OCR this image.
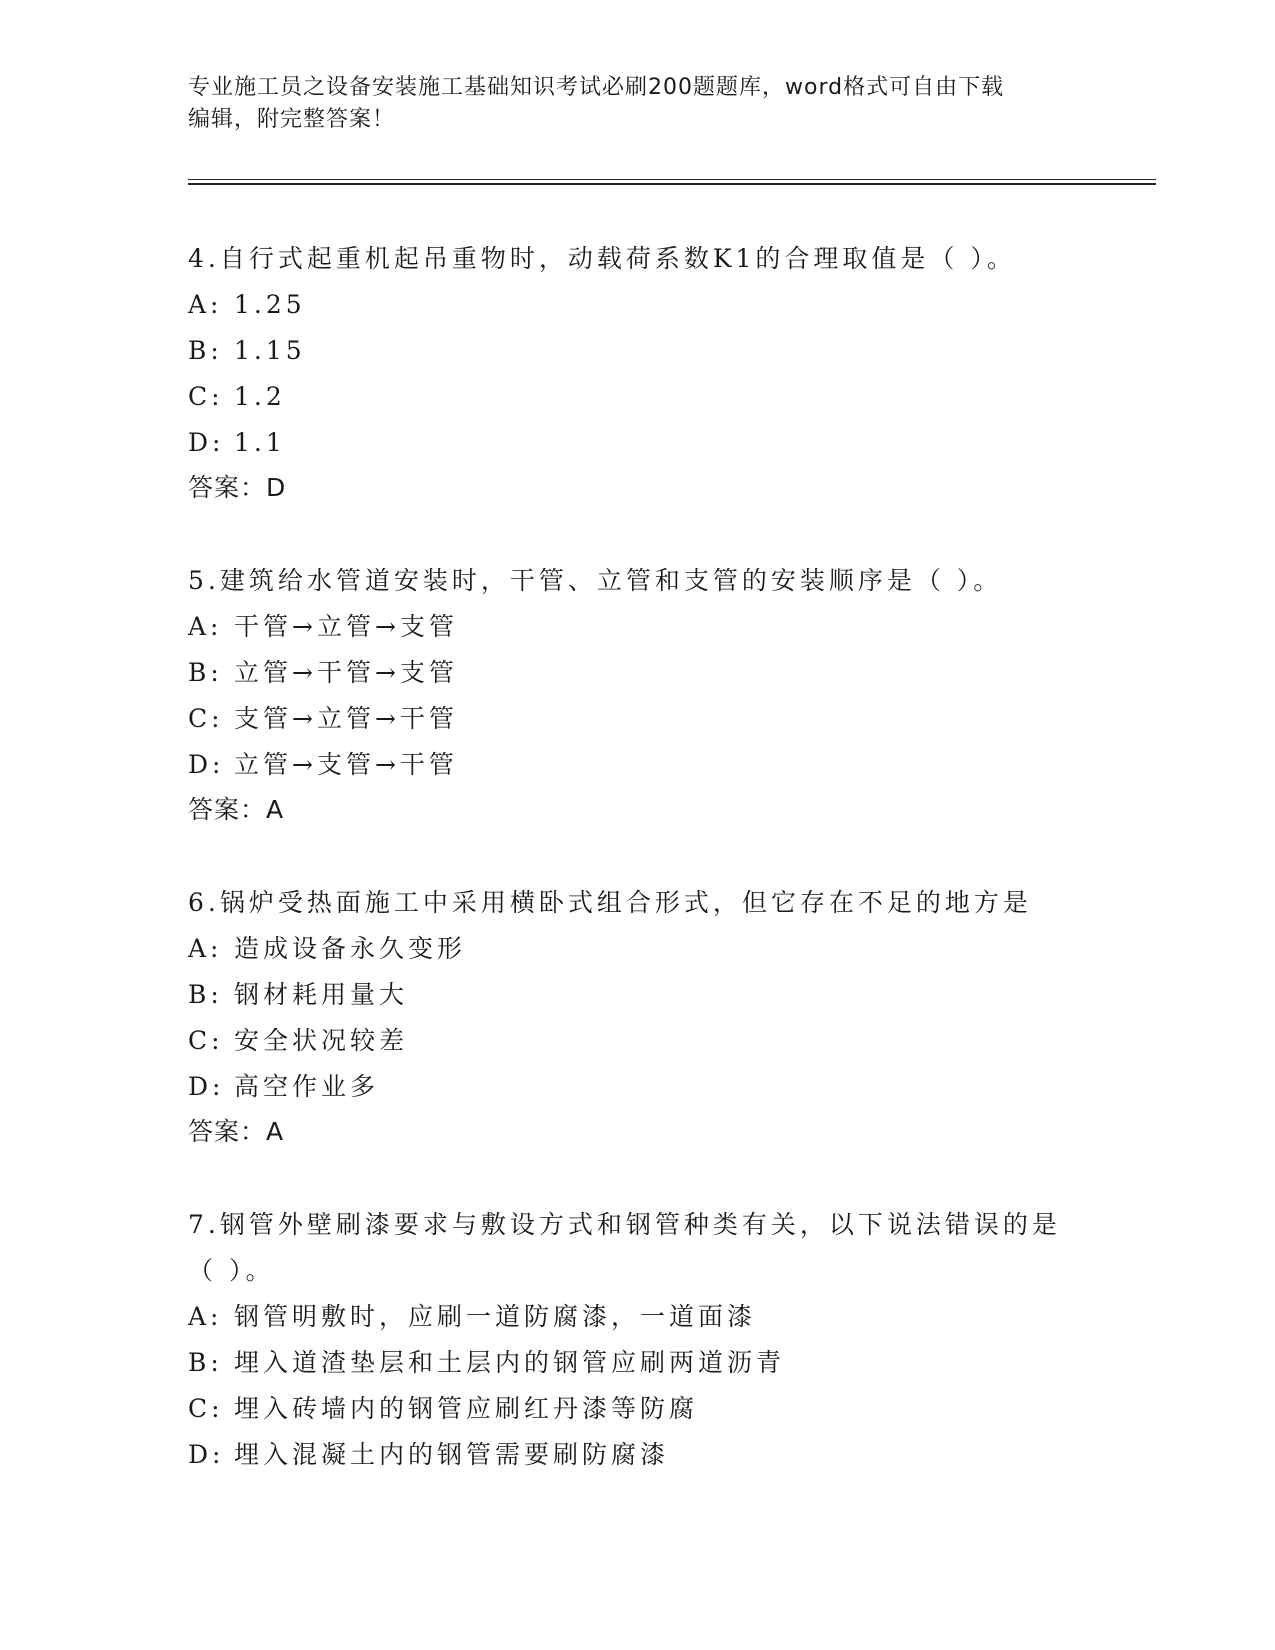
专业施工员之设备安装施工基础知识考试必刷200题题库，word格式可自由下载
编辑，附完整答案！
4.自行式起重机起吊重物时，动载荷系数K1的合理取值是（ ）。
A: 1.25
B: 1.15
C: 1.2
D: 1.1
答案：D
5.建筑给水管道安装时，干管、立管和支管的安装顺序是（ ）。
A: 干管→立管→支管
B: 立管→干管→支管
C: 支管→立管→干管
D: 立管→支管→干管
答案：A
6.锅炉受热面施工中采用横卧式组合形式，但它存在不足的地方是
A: 造成设备永久变形
B: 钢材耗用量大
C: 安全状况较差
D: 高空作业多
答案：A
7.钢管外壁刷漆要求与敷设方式和钢管种类有关，以下说法错误的是
（ ）。
A: 钢管明敷时，应刷一道防腐漆，一道面漆
B: 埋入道渣垫层和土层内的钢管应刷两道沥青
C: 埋入砖墙内的钢管应刷红丹漆等防腐
D: 埋入混凝土内的钢管需要刷防腐漆
